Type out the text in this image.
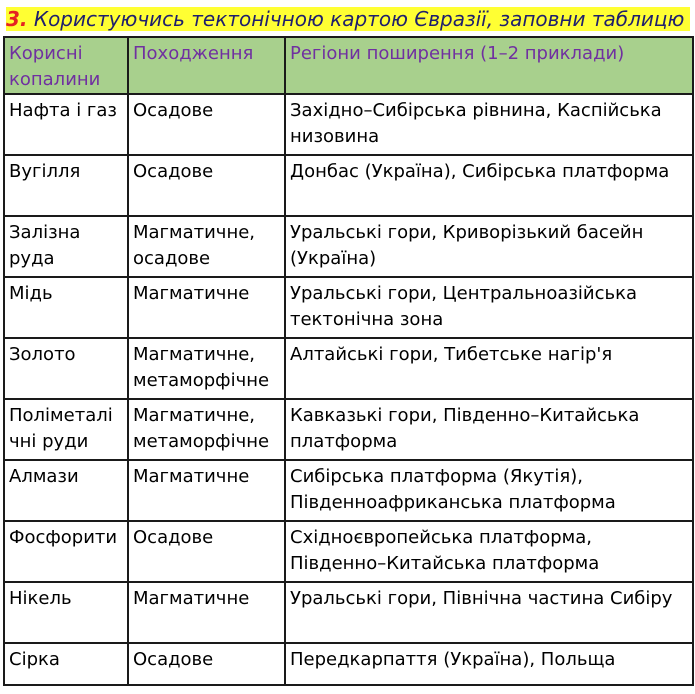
3. Користуючись тектонічною картою Євразії, заповни таблицю
Корисні копалини	Походження	Регіони поширення (1–2 приклади)
Нафта і газ	Осадове	Західно–Сибірська рівнина, Каспійська низовина
Вугілля	Осадове	Донбас (Україна), Сибірська платформа
Залізна руда	Магматичне, осадове	Уральські гори, Криворізький басейн (Україна)
Мідь	Магматичне	Уральські гори, Центральноазійська тектонічна зона
Золото	Магматичне, метаморфічне	Алтайські гори, Тибетське нагір'я
Поліметалічні руди	Магматичне, метаморфічне	Кавказькі гори, Південно–Китайська платформа
Алмази	Магматичне	Сибірська платформа (Якутія), Південноафриканська платформа
Фосфорити	Осадове	Східноєвропейська платформа, Південно–Китайська платформа
Нікель	Магматичне	Уральські гори, Північна частина Сибіру
Сірка	Осадове	Передкарпаття (Україна), Польща
